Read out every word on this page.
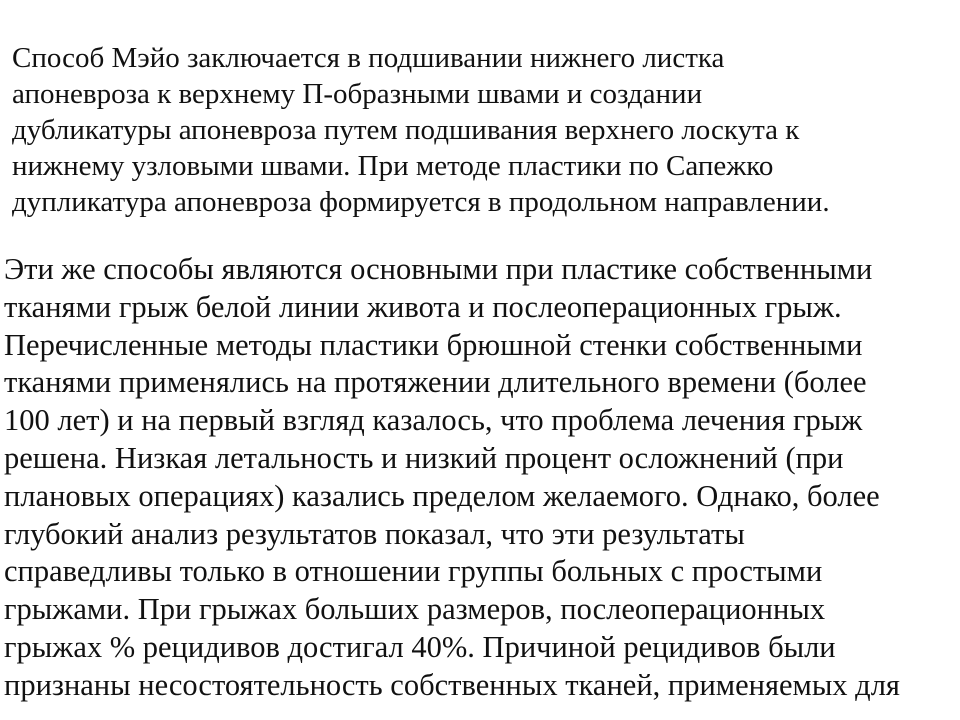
Способ Мэйо заключается в подшивании нижнего листка
апоневроза к верхнему П-образными швами и создании
дубликатуры апоневроза путем подшивания верхнего лоскута к
нижнему узловыми швами. При методе пластики по Сапежко
дупликатура апоневроза формируется в продольном направлении.
Эти же способы являются основными при пластике собственными
тканями грыж белой линии живота и послеоперационных грыж.
Перечисленные методы пластики брюшной стенки собственными
тканями применялись на протяжении длительного времени (более
100 лет) и на первый взгляд казалось, что проблема лечения грыж
решена. Низкая летальность и низкий процент осложнений (при
плановых операциях) казались пределом желаемого. Однако, более
глубокий анализ результатов показал, что эти результаты
справедливы только в отношении группы больных с простыми
грыжами. При грыжах больших размеров, послеоперационных
грыжах % рецидивов достигал 40%. Причиной рецидивов были
признаны несостоятельность собственных тканей, применяемых для
